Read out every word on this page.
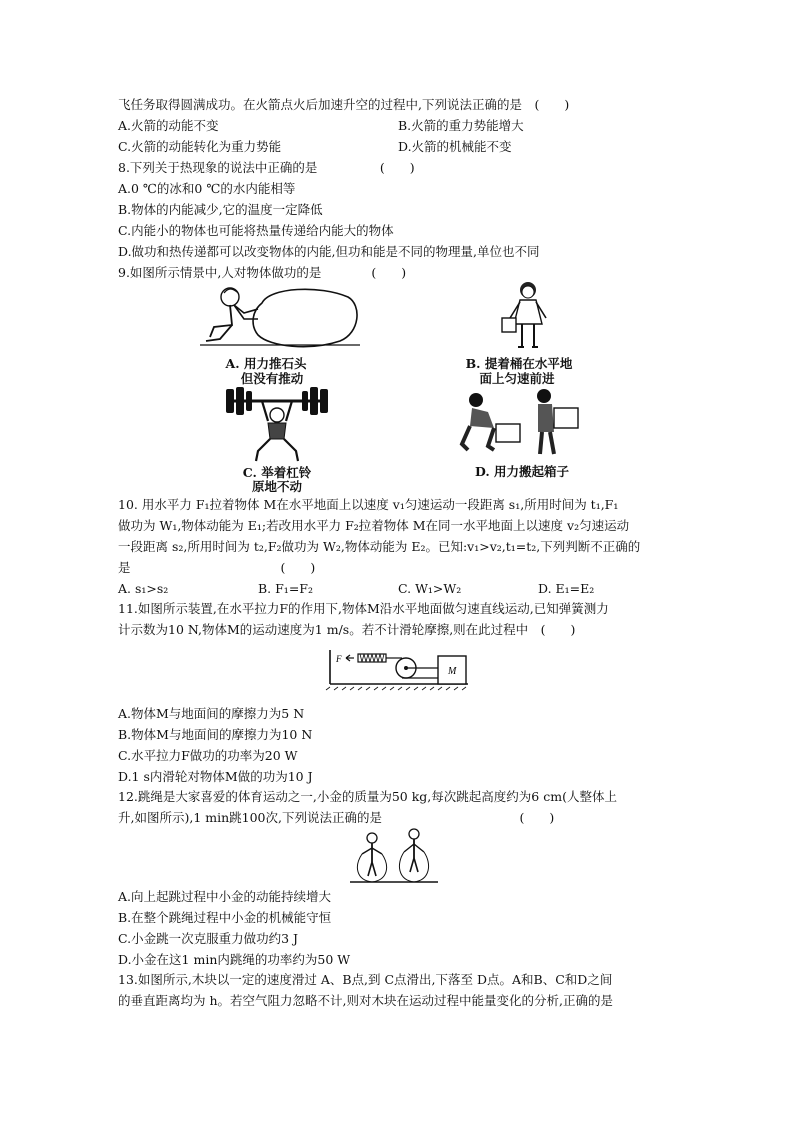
飞任务取得圆满成功。在火箭点火后加速升空的过程中,下列说法正确的是　(　　)
A.火箭的动能不变	B.火箭的重力势能增大
C.火箭的动能转化为重力势能	D.火箭的机械能不变
8.下列关于热现象的说法中正确的是　　　　　(　　)
A.0 ℃的冰和0 ℃的水内能相等
B.物体的内能减少,它的温度一定降低
C.内能小的物体也可能将热量传递给内能大的物体
D.做功和热传递都可以改变物体的内能,但功和能是不同的物理量,单位也不同
9.如图所示情景中,人对物体做功的是　　　　(　　)
A. 用力推石头
但没有推动
B. 提着桶在水平地
面上匀速前进
C. 举着杠铃
原地不动
D. 用力搬起箱子
10. 用水平力 F₁拉着物体 M在水平地面上以速度 v₁匀速运动一段距离 s₁,所用时间为 t₁,F₁
做功为 W₁,物体动能为 E₁;若改用水平力 F₂拉着物体 M在同一水平地面上以速度 v₂匀速运动
一段距离 s₂,所用时间为 t₂,F₂做功为 W₂,物体动能为 E₂。已知:v₁>v₂,t₁=t₂,下列判断不正确的
是　　　　　　　　　　　　(　　)
A. s₁>s₂	B. F₁=F₂	C. W₁>W₂	D. E₁=E₂
11.如图所示装置,在水平拉力F的作用下,物体M沿水平地面做匀速直线运动,已知弹簧测力
计示数为10 N,物体M的运动速度为1 m/s。若不计滑轮摩擦,则在此过程中　(　　)
F
M
A.物体M与地面间的摩擦力为5 N
B.物体M与地面间的摩擦力为10 N
C.水平拉力F做功的功率为20 W
D.1 s内滑轮对物体M做的功为10 J
12.跳绳是大家喜爱的体育运动之一,小金的质量为50 kg,每次跳起高度约为6 cm(人整体上
升,如图所示),1 min跳100次,下列说法正确的是　　　　　　　　　　　(　　)
A.向上起跳过程中小金的动能持续增大
B.在整个跳绳过程中小金的机械能守恒
C.小金跳一次克服重力做功约3 J
D.小金在这1 min内跳绳的功率约为50 W
13.如图所示,木块以一定的速度滑过 A、B点,到 C点滑出,下落至 D点。A和B、C和D之间
的垂直距离均为 h。若空气阻力忽略不计,则对木块在运动过程中能量变化的分析,正确的是
